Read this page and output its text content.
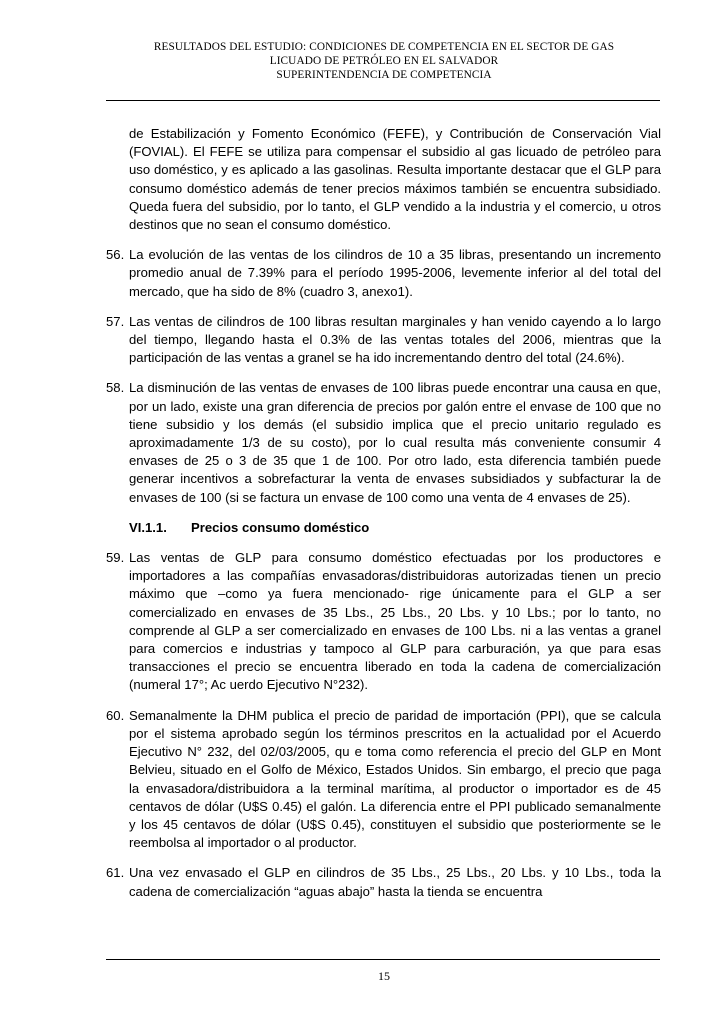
RESULTADOS DEL ESTUDIO: CONDICIONES DE COMPETENCIA EN EL SECTOR DE GAS
LICUADO DE PETRÓLEO EN EL SALVADOR
SUPERINTENDENCIA DE COMPETENCIA

de Estabilización y Fomento Económico (FEFE), y Contribución de Conservación Vial (FOVIAL). El FEFE se utiliza para compensar el subsidio al gas licuado de petróleo para uso doméstico, y es aplicado a las gasolinas. Resulta importante destacar que el GLP para consumo doméstico además de tener precios máximos también se encuentra subsidiado. Queda fuera del subsidio, por lo tanto, el GLP vendido a la industria y el comercio, u otros destinos que no sean el consumo doméstico.

56. La evolución de las ventas de los cilindros de 10 a 35 libras, presentando un incremento promedio anual de 7.39% para el período 1995-2006, levemente inferior al del total del mercado, que ha sido de 8% (cuadro 3, anexo1).

57. Las ventas de cilindros de 100 libras resultan marginales y han venido cayendo a lo largo del tiempo, llegando hasta el 0.3% de las ventas totales del 2006, mientras que la participación de las ventas a granel se ha ido incrementando dentro del total (24.6%).

58. La disminución de las ventas de envases de 100 libras puede encontrar una causa en que, por un lado, existe una gran diferencia de precios por galón entre el envase de 100 que no tiene subsidio y los demás (el subsidio implica que el precio unitario regulado es aproximadamente 1/3 de su costo), por lo cual resulta más conveniente consumir 4 envases de 25 o 3 de 35 que 1 de 100. Por otro lado, esta diferencia también puede generar incentivos a sobrefacturar la venta de envases subsidiados y subfacturar la de envases de 100 (si se factura un envase de 100 como una venta de 4 envases de 25).

VI.1.1. Precios consumo doméstico

59. Las ventas de GLP para consumo doméstico efectuadas por los productores e importadores a las compañías envasadoras/distribuidoras autorizadas tienen un precio máximo que –como ya fuera mencionado- rige únicamente para el GLP a ser comercializado en envases de 35 Lbs., 25 Lbs., 20 Lbs. y 10 Lbs.; por lo tanto, no comprende al GLP a ser comercializado en envases de 100 Lbs. ni a las ventas a granel para comercios e industrias y tampoco al GLP para carburación, ya que para esas transacciones el precio se encuentra liberado en toda la cadena de comercialización (numeral 17°; Ac uerdo Ejecutivo N°232).

60. Semanalmente la DHM publica el precio de paridad de importación (PPI), que se calcula por el sistema aprobado según los términos prescritos en la actualidad por el Acuerdo Ejecutivo N° 232, del 02/03/2005, qu e toma como referencia el precio del GLP en Mont Belvieu, situado en el Golfo de México, Estados Unidos. Sin embargo, el precio que paga la envasadora/distribuidora a la terminal marítima, al productor o importador es de 45 centavos de dólar (U$S 0.45) el galón. La diferencia entre el PPI publicado semanalmente y los 45 centavos de dólar (U$S 0.45), constituyen el subsidio que posteriormente se le reembolsa al importador o al productor.

61. Una vez envasado el GLP en cilindros de 35 Lbs., 25 Lbs., 20 Lbs. y 10 Lbs., toda la cadena de comercialización “aguas abajo” hasta la tienda se encuentra

15
